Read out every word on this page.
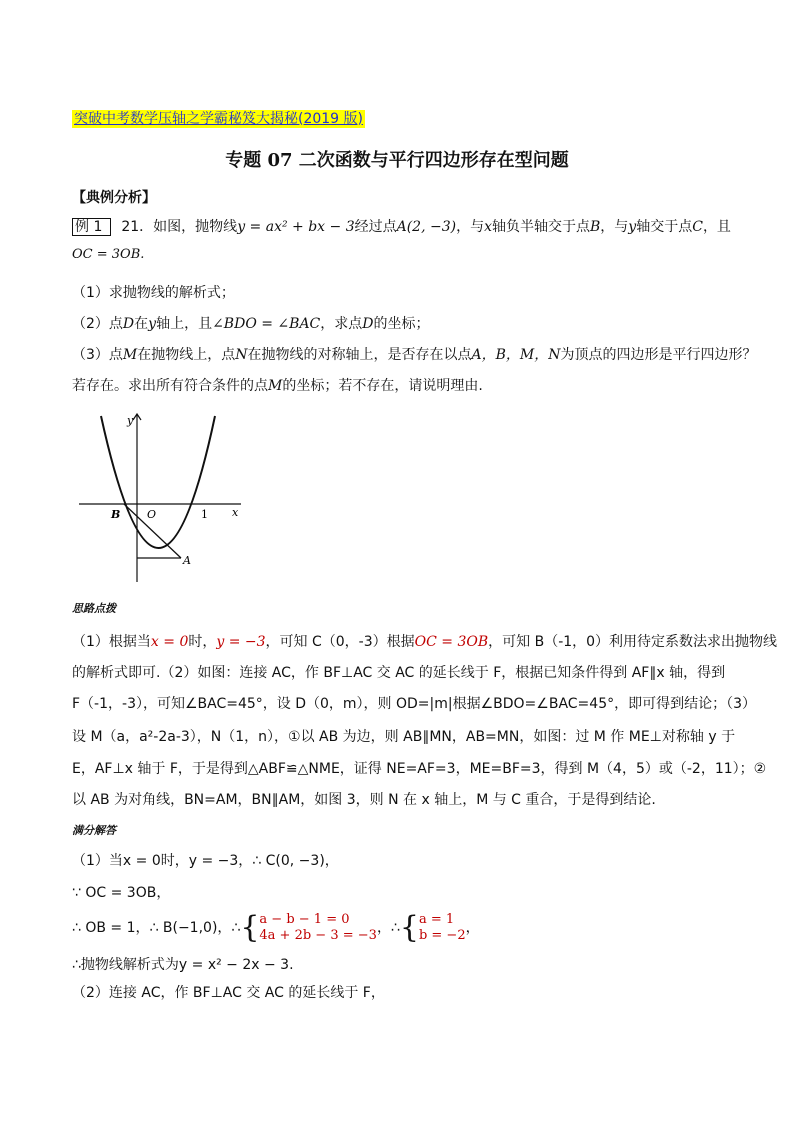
突破中考数学压轴之学霸秘笈大揭秘(2019 版)
专题 07 二次函数与平行四边形存在型问题
【典例分析】
例 1 21．如图，抛物线y = ax² + bx − 3经过点A(2, −3)，与x轴负半轴交于点B，与y轴交于点C，且
OC = 3OB.
（1）求抛物线的解析式；
（2）点D在y轴上，且∠BDO = ∠BAC，求点D的坐标；
（3）点M在抛物线上，点N在抛物线的对称轴上，是否存在以点A，B，M，N为顶点的四边形是平行四边形？
若存在。求出所有符合条件的点M的坐标；若不存在，请说明理由.
y
x
O
B	1
A
思路点拨
（1）根据当x = 0时，y = −3，可知 C（0，-3）根据OC = 3OB，可知 B（-1，0）利用待定系数法求出抛物线
的解析式即可.（2）如图：连接 AC，作 BF⊥AC 交 AC 的延长线于 F，根据已知条件得到 AF∥x 轴，得到
F（-1，-3），可知∠BAC=45°，设 D（0，m），则 OD=|m|根据∠BDO=∠BAC=45°，即可得到结论；（3）
设 M（a，a²-2a-3），N（1，n），①以 AB 为边，则 AB∥MN，AB=MN，如图：过 M 作 ME⊥对称轴 y 于
E，AF⊥x 轴于 F，于是得到△ABF≌△NME，证得 NE=AF=3，ME=BF=3，得到 M（4，5）或（-2，11）；②
以 AB 为对角线，BN=AM，BN∥AM，如图 3，则 N 在 x 轴上，M 与 C 重合，于是得到结论.
满分解答
（1）当x = 0时，y = −3，∴ C(0, −3)，
∵ OC = 3OB，
∴ OB = 1，∴ B(−1,0)，∴{ a − b − 1 = 0
4a + 2b − 3 = −3 ，∴{ a = 1
b = −2 ，
∴抛物线解析式为y = x² − 2x − 3.
（2）连接 AC，作 BF⊥AC 交 AC 的延长线于 F，
